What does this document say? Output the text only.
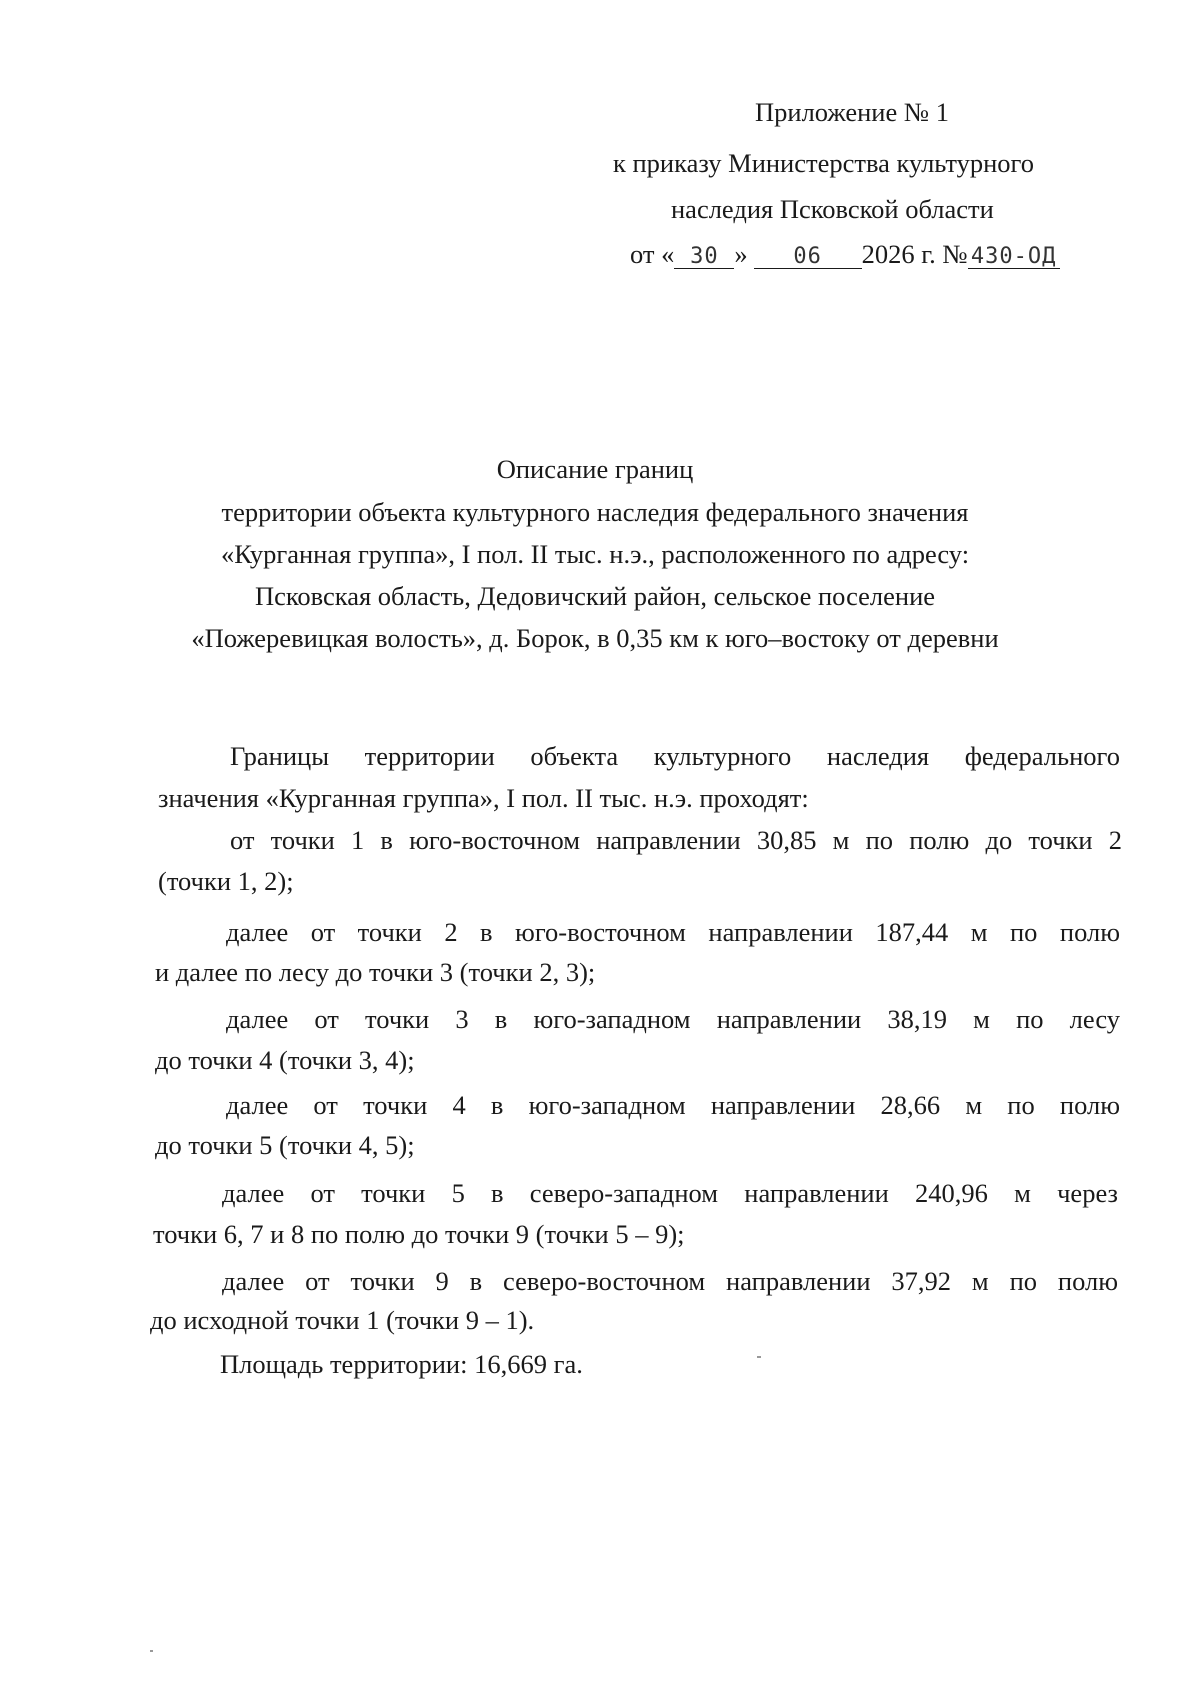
Приложение № 1
к приказу Министерства культурного
наследия Псковской области
от « 30 » 06 2026 г. № 430-ОД
Описание границ
территории объекта культурного наследия федерального значения
«Курганная группа», I пол. II тыс. н.э., расположенного по адресу:
Псковская область, Дедовичский район, сельское поселение
«Пожеревицкая волость», д. Борок, в 0,35 км к юго–востоку от деревни
Границы территории объекта культурного наследия федерального
значения «Курганная группа», I пол. II тыс. н.э. проходят:
от точки 1 в юго-восточном направлении 30,85 м по полю до точки 2
(точки 1, 2);
далее от точки 2 в юго-восточном направлении 187,44 м по полю
и далее по лесу до точки 3 (точки 2, 3);
далее от точки 3 в юго-западном направлении 38,19 м по лесу
до точки 4 (точки 3, 4);
далее от точки 4 в юго-западном направлении 28,66 м по полю
до точки 5 (точки 4, 5);
далее от точки 5 в северо-западном направлении 240,96 м через
точки 6, 7 и 8 по полю до точки 9 (точки 5 – 9);
далее от точки 9 в северо-восточном направлении 37,92 м по полю
до исходной точки 1 (точки 9 – 1).
Площадь территории: 16,669 га.
